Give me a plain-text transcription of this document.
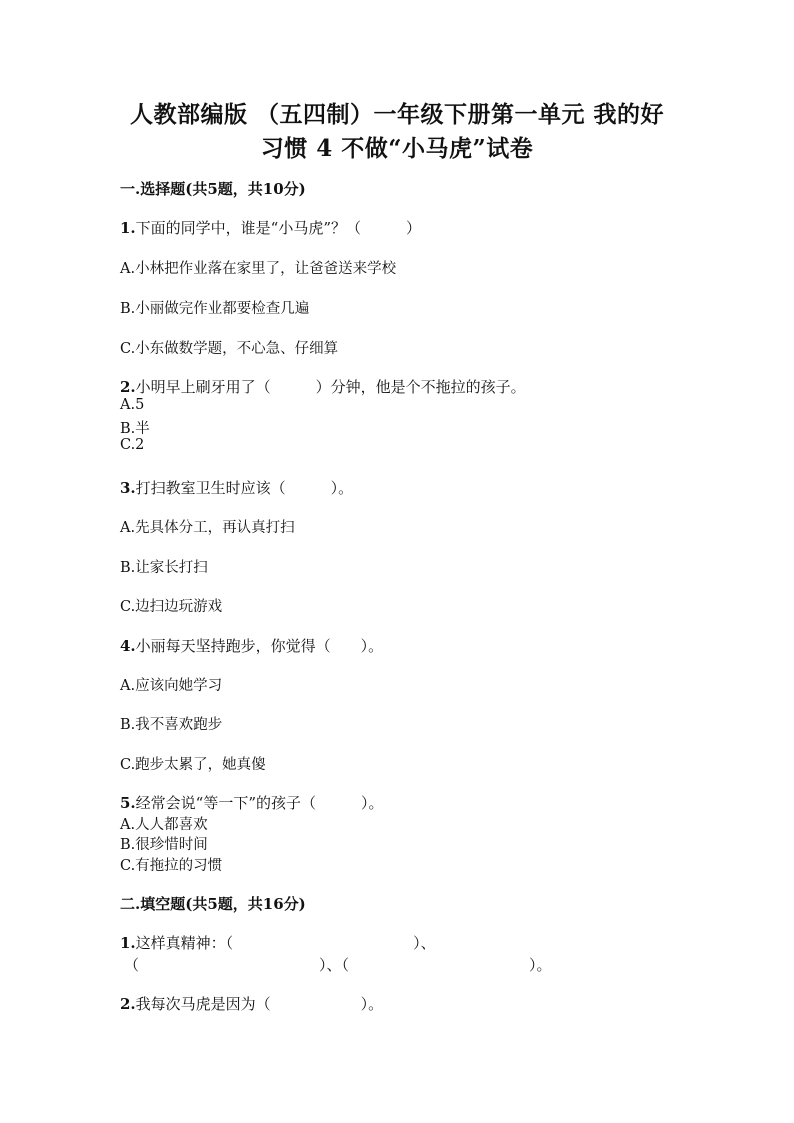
人教部编版 （五四制）一年级下册第一单元 我的好
习惯 4 不做“小马虎”试卷
一.选择题(共5题，共10分)
1.下面的同学中，谁是“小马虎”？（　　　）
A.小林把作业落在家里了，让爸爸送来学校
B.小丽做完作业都要检查几遍
C.小东做数学题，不心急、仔细算
2.小明早上刷牙用了（　　　）分钟，他是个不拖拉的孩子。
A.5
B.半
C.2
3.打扫教室卫生时应该（　　　）。
A.先具体分工，再认真打扫
B.让家长打扫
C.边扫边玩游戏
4.小丽每天坚持跑步，你觉得（　　）。
A.应该向她学习
B.我不喜欢跑步
C.跑步太累了，她真傻
5.经常会说“等一下”的孩子（　　　）。
A.人人都喜欢
B.很珍惜时间
C.有拖拉的习惯
二.填空题(共5题，共16分)
1.这样真精神：（　　　　　　　　　　　　）、
（　　　　　　　　　　　　）、（　　　　　　　　　　　　）。
2.我每次马虎是因为（　　　　　　）。
